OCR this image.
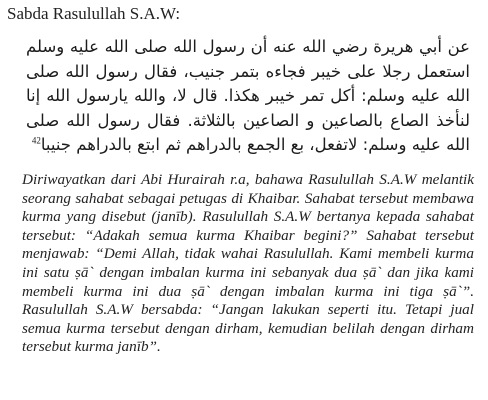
Sabda Rasulullah S.A.W:
عن أبي هريرة رضي الله عنه أن رسول الله صلى الله عليه وسلم استعمل رجلا على خيبر فجاءه بتمر جنيب، فقال رسول الله صلى الله عليه وسلم: أكل تمر خيبر هكذا. قال لا، والله يارسول الله إنا لنأخذ الصاع بالصاعين و الصاعين بالثلاثة. فقال رسول الله صلى الله عليه وسلم: لاتفعل، بع الجمع بالدراهم ثم ابتع بالدراهم جنيبا$^{42}$

Diriwayatkan dari Abi Hurairah r.a, bahawa Rasulullah S.A.W melantik seorang sahabat sebagai petugas di Khaibar. Sahabat tersebut membawa kurma yang disebut (janīb). Rasulullah S.A.W bertanya kepada sahabat tersebut: “Adakah semua kurma Khaibar begini?” Sahabat tersebut menjawab: “Demi Allah, tidak wahai Rasulullah. Kami membeli kurma ini satu ṣā` dengan imbalan kurma ini sebanyak dua ṣā` dan jika kami membeli kurma ini dua ṣā` dengan imbalan kurma ini tiga ṣā`”. Rasulullah S.A.W bersabda: “Jangan lakukan seperti itu. Tetapi jual semua kurma tersebut dengan dirham, kemudian belilah dengan dirham tersebut kurma janīb”.
